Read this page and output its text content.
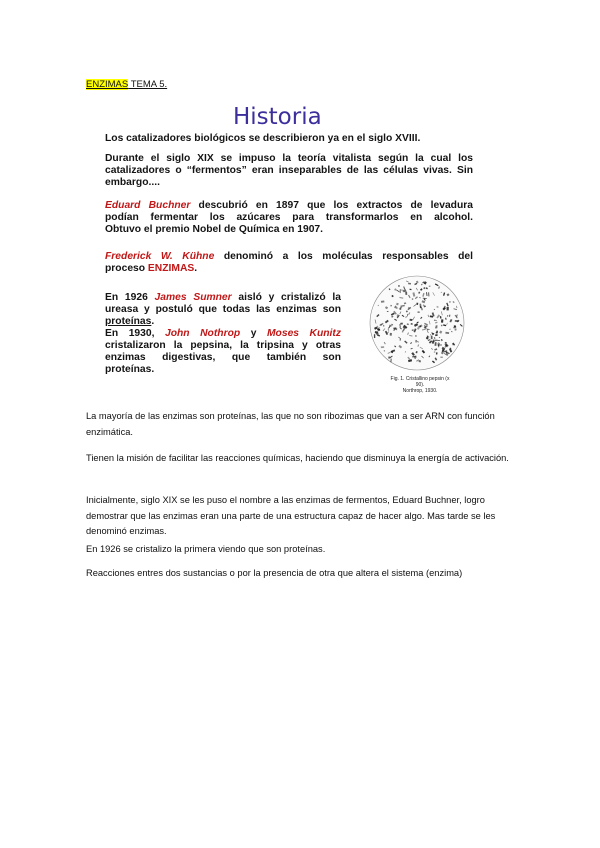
ENZIMAS TEMA 5.
Historia
Los catalizadores biológicos se describieron ya en el siglo XVIII.
Durante el siglo XIX se impuso la teoría vitalista según la cual los
catalizadores o “fermentos” eran inseparables de las células vivas. Sin
embargo....
Eduard Buchner descubrió en 1897 que los extractos de levadura
podían fermentar los azúcares para transformarlos en alcohol.
Obtuvo el premio Nobel de Química en 1907.
Frederick W. Kühne denominó a los moléculas responsables del
proceso ENZIMAS.
En 1926 James Sumner aisló y cristalizó la
ureasa y postuló que todas las enzimas son
proteínas.
En 1930, John Nothrop y Moses Kunitz
cristalizaron la pepsina, la tripsina y otras
enzimas digestivas, que también son
proteínas.
Fig. 1. Cristallino pepsin (x 90).
Northrop, 1930.
La mayoría de las enzimas son proteínas, las que no son ribozimas que van a ser ARN con función enzimática.
Tienen la misión de facilitar las reacciones químicas, haciendo que disminuya la energía de activación.
Inicialmente, siglo XIX se les puso el nombre a las enzimas de fermentos, Eduard Buchner, logro demostrar que las enzimas eran una parte de una estructura capaz de hacer algo. Mas tarde se les denominó enzimas.
En 1926 se cristalizo la primera viendo que son proteínas.
Reacciones entres dos sustancias o por la presencia de otra que altera el sistema (enzima)
